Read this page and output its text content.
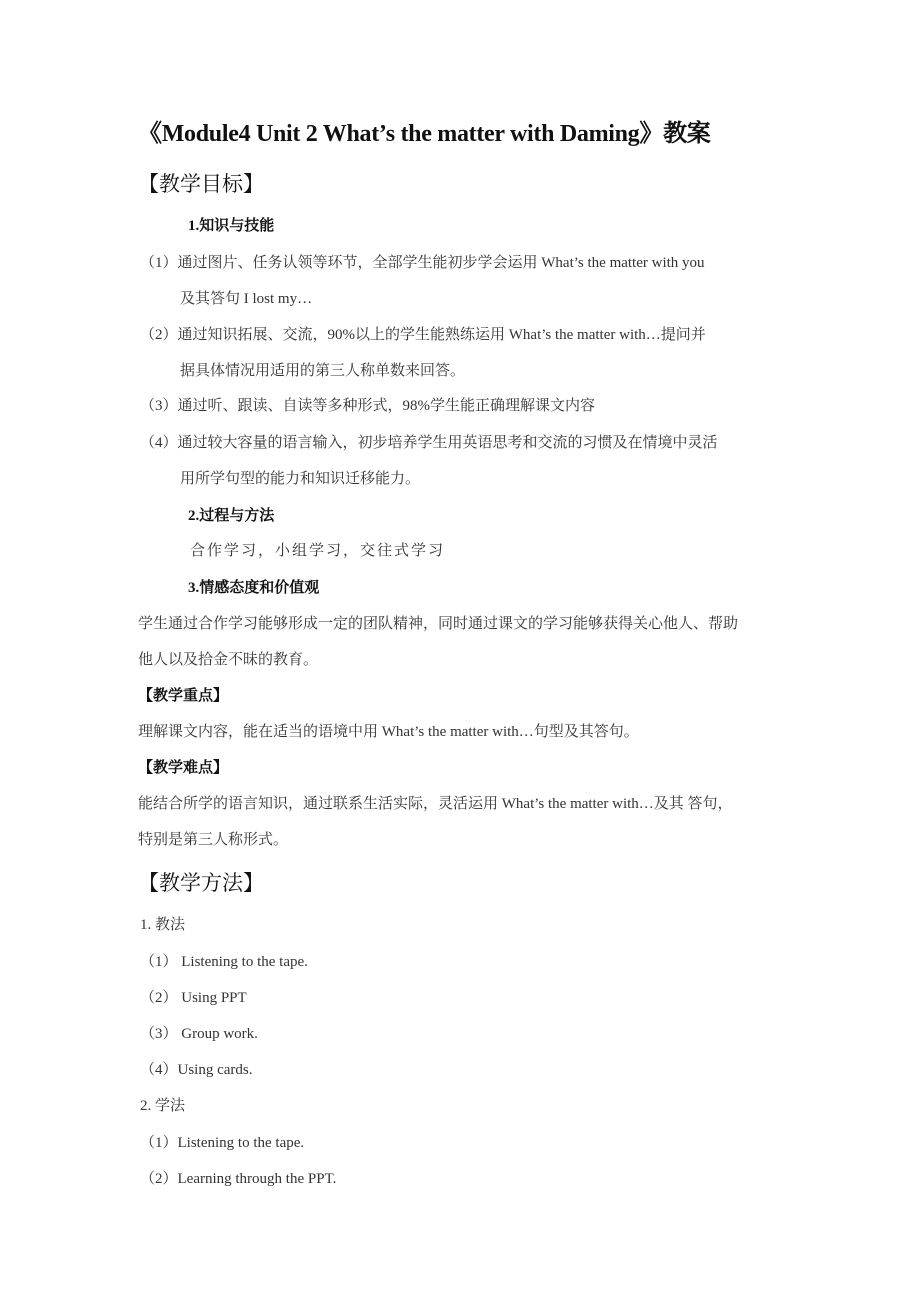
《Module4 Unit 2 What’s the matter with Daming》教案
【教学目标】
1.知识与技能
（1）通过图片、任务认领等环节，全部学生能初步学会运用 What’s the matter with you
及其答句 I lost my…
（2）通过知识拓展、交流，90%以上的学生能熟练运用 What’s the matter with…提问并
据具体情况用适用的第三人称单数来回答。
（3）通过听、跟读、自读等多种形式，98%学生能正确理解课文内容
（4）通过较大容量的语言输入，初步培养学生用英语思考和交流的习惯及在情境中灵活
用所学句型的能力和知识迁移能力。
2.过程与方法
合作学习，小组学习，交往式学习
3.情感态度和价值观
学生通过合作学习能够形成一定的团队精神，同时通过课文的学习能够获得关心他人、帮助
他人以及拾金不昧的教育。
【教学重点】
理解课文内容，能在适当的语境中用 What’s the matter with…句型及其答句。
【教学难点】
能结合所学的语言知识，通过联系生活实际，灵活运用 What’s the matter with…及其 答句，
特别是第三人称形式。
【教学方法】
1. 教法
（1） Listening to the tape.
（2） Using PPT
（3） Group work.
（4）Using cards.
2. 学法
（1）Listening to the tape.
（2）Learning through the PPT.
